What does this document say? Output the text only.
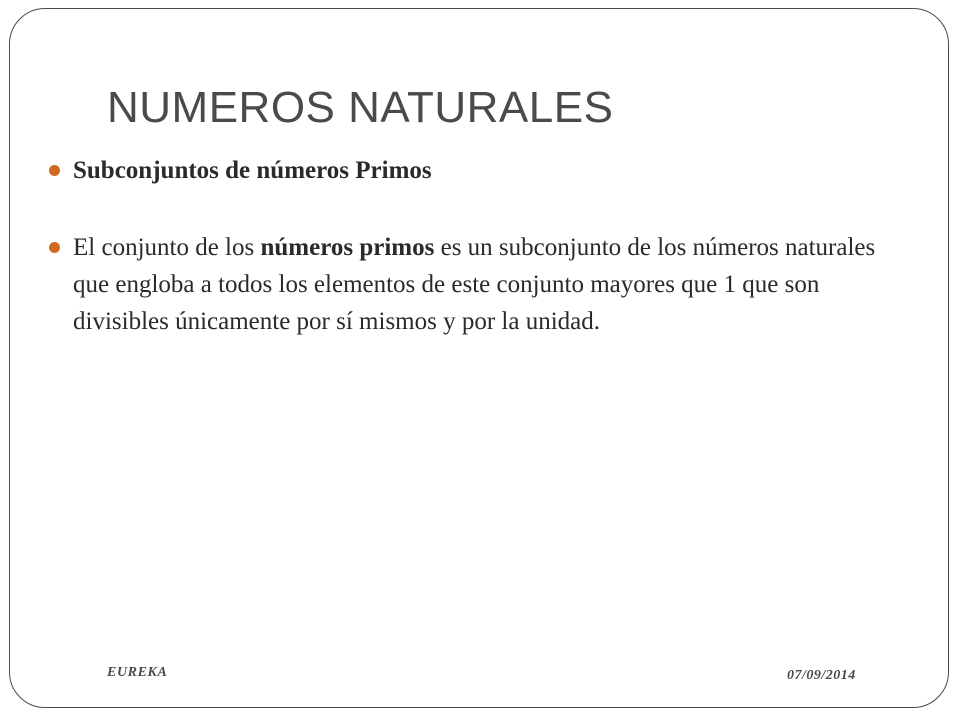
NUMEROS NATURALES
Subconjuntos de números Primos
El conjunto de los números primos es un subconjunto de los números naturales que engloba a todos los elementos de este conjunto mayores que 1 que son divisibles únicamente por sí mismos y por la unidad.
EUREKA	07/09/2014
